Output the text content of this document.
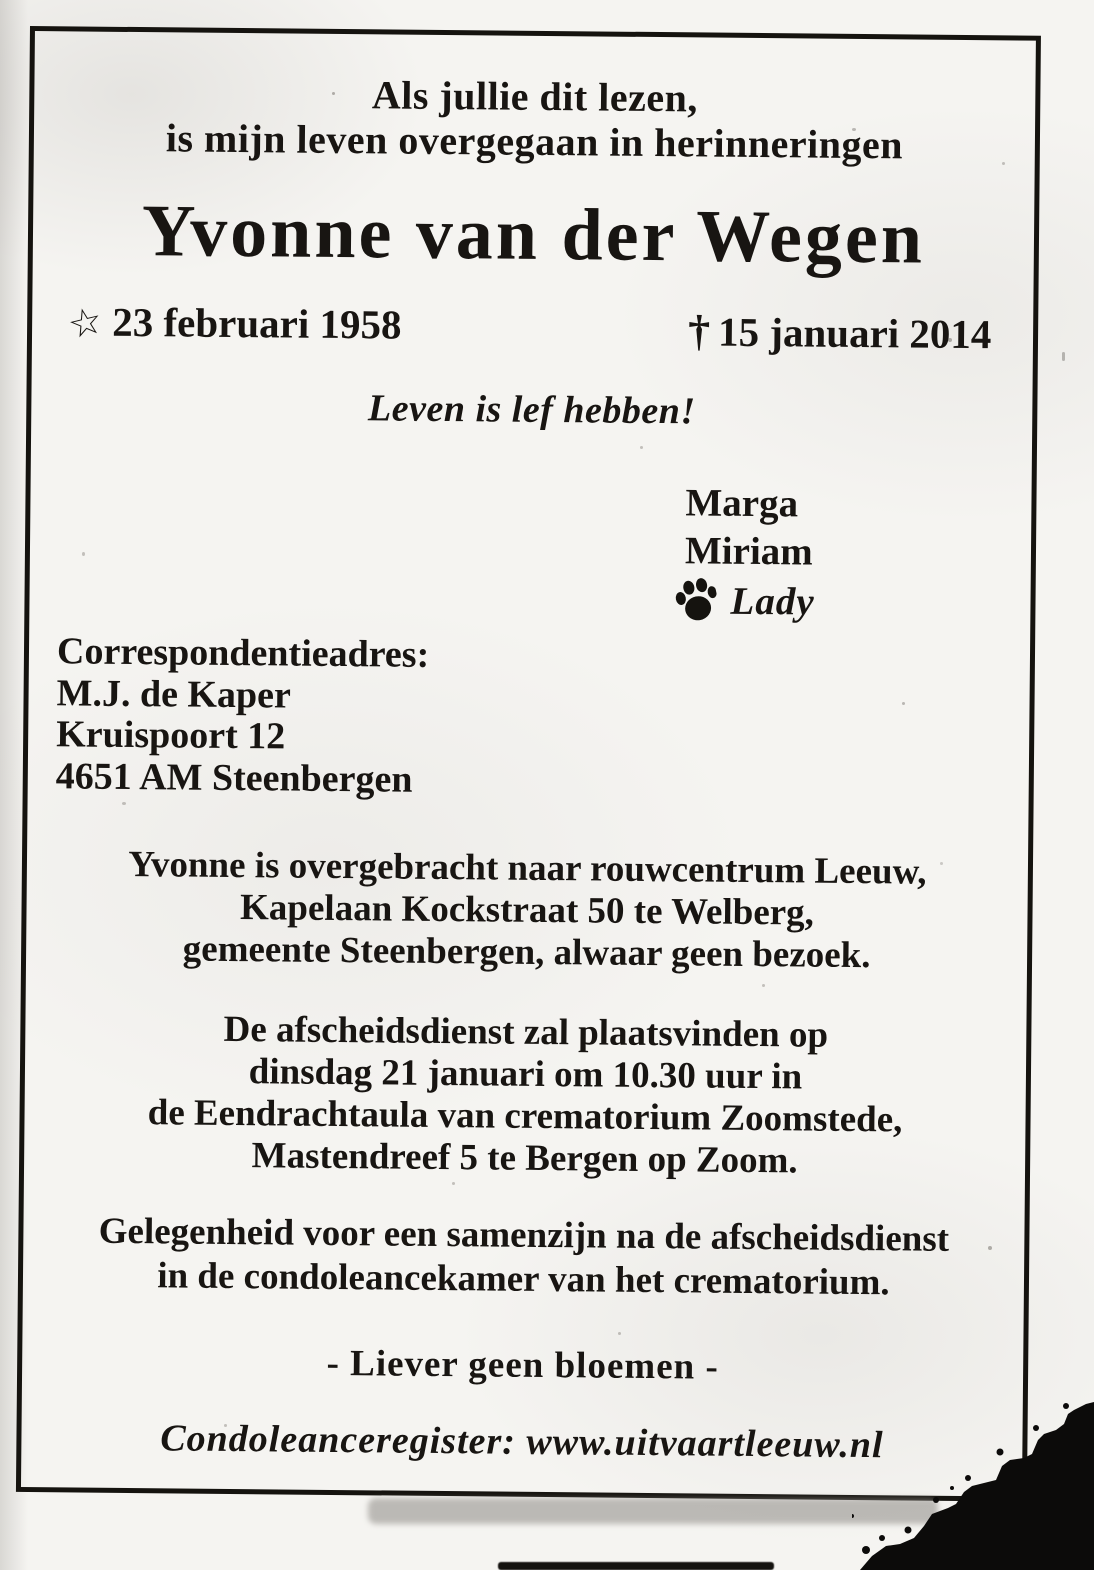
Als jullie dit lezen,
is mijn leven overgegaan in herinneringen
Yvonne van der Wegen
☆ 23 februari 1958	† 15 januari 2014
Leven is lef hebben!
Marga
Miriam
Lady
Correspondentieadres:
M.J. de Kaper
Kruispoort 12
4651 AM Steenbergen
Yvonne is overgebracht naar rouwcentrum Leeuw,
Kapelaan Kockstraat 50 te Welberg,
gemeente Steenbergen, alwaar geen bezoek.
De afscheidsdienst zal plaatsvinden op
dinsdag 21 januari om 10.30 uur in
de Eendrachtaula van crematorium Zoomstede,
Mastendreef 5 te Bergen op Zoom.
Gelegenheid voor een samenzijn na de afscheidsdienst
in de condoleancekamer van het crematorium.
- Liever geen bloemen -
Condoleanceregister: www.uitvaartleeuw.nl
